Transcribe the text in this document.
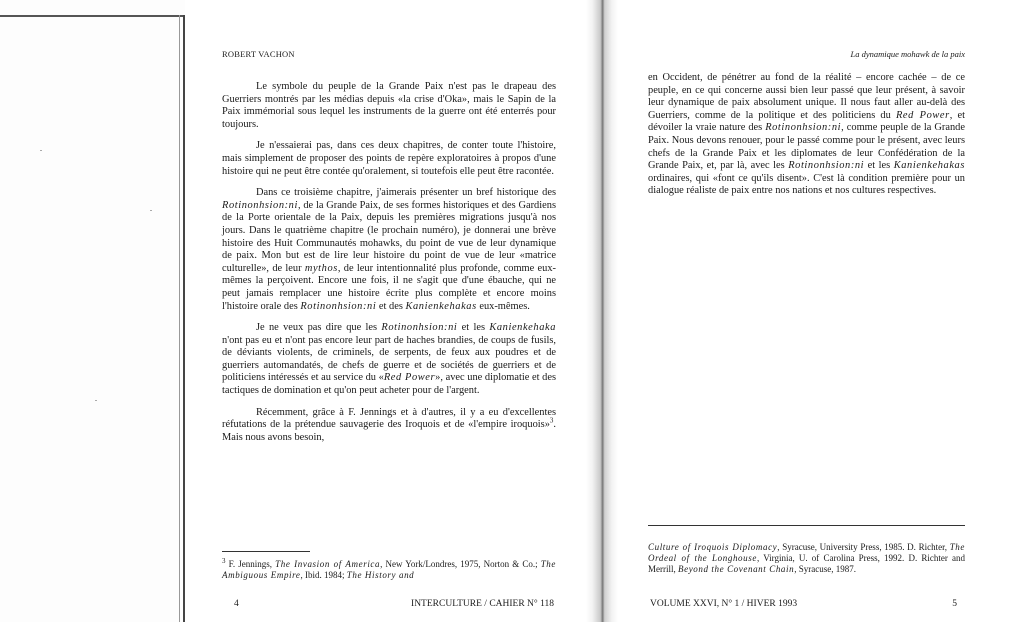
ROBERT VACHON

Le symbole du peuple de la Grande Paix n'est pas le drapeau des Guerriers montrés par les médias depuis «la crise d'Oka», mais le Sapin de la Paix immémorial sous lequel les instruments de la guerre ont été enterrés pour toujours.

Je n'essaierai pas, dans ces deux chapitres, de conter toute l'histoire, mais simplement de proposer des points de repère exploratoires à propos d'une histoire qui ne peut être contée qu'oralement, si toutefois elle peut être racontée.

Dans ce troisième chapitre, j'aimerais présenter un bref historique des Rotinonhsion:ni, de la Grande Paix, de ses formes historiques et des Gardiens de la Porte orientale de la Paix, depuis les premières migrations jusqu'à nos jours. Dans le quatrième chapitre (le prochain numéro), je donnerai une brève histoire des Huit Communautés mohawks, du point de vue de leur dynamique de paix. Mon but est de lire leur histoire du point de vue de leur «matrice culturelle», de leur mythos, de leur intentionnalité plus profonde, comme eux-mêmes la perçoivent. Encore une fois, il ne s'agit que d'une ébauche, qui ne peut jamais remplacer une histoire écrite plus complète et encore moins l'histoire orale des Rotinonhsion:ni et des Kanienkehakas eux-mêmes.

Je ne veux pas dire que les Rotinonhsion:ni et les Kanienkehaka n'ont pas eu et n'ont pas encore leur part de haches brandies, de coups de fusils, de déviants violents, de criminels, de serpents, de feux aux poudres et de guerriers automandatés, de chefs de guerre et de sociétés de guerriers et de politiciens intéressés et au service du «Red Power», avec une diplomatie et des tactiques de domination et qu'on peut acheter pour de l'argent.

Récemment, grâce à F. Jennings et à d'autres, il y a eu d'excellentes réfutations de la prétendue sauvagerie des Iroquois et de «l'empire iroquois»$^3$. Mais nous avons besoin,

$^3$ F. Jennings, The Invasion of America, New York/Londres, 1975, Norton & Co.; The Ambiguous Empire, Ibid. 1984; The History and
4	INTERCULTURE / CAHIER N° 118
La dynamique mohawk de la paix

en Occident, de pénétrer au fond de la réalité – encore cachée – de ce peuple, en ce qui concerne aussi bien leur passé que leur présent, à savoir leur dynamique de paix absolument unique. Il nous faut aller au-delà des Guerriers, comme de la politique et des politiciens du Red Power, et dévoiler la vraie nature des Rotinonhsion:ni, comme peuple de la Grande Paix. Nous devons renouer, pour le passé comme pour le présent, avec leurs chefs de la Grande Paix et les diplomates de leur Confédération de la Grande Paix, et, par là, avec les Rotinonhsion:ni et les Kanienkehakas ordinaires, qui «font ce qu'ils disent». C'est là condition première pour un dialogue réaliste de paix entre nos nations et nos cultures respectives.

Culture of Iroquois Diplomacy, Syracuse, University Press, 1985. D. Richter, The Ordeal of the Longhouse, Virginia, U. of Carolina Press, 1992. D. Richter and Merrill, Beyond the Covenant Chain, Syracuse, 1987.
VOLUME XXVI, N° 1 / HIVER 1993	5
